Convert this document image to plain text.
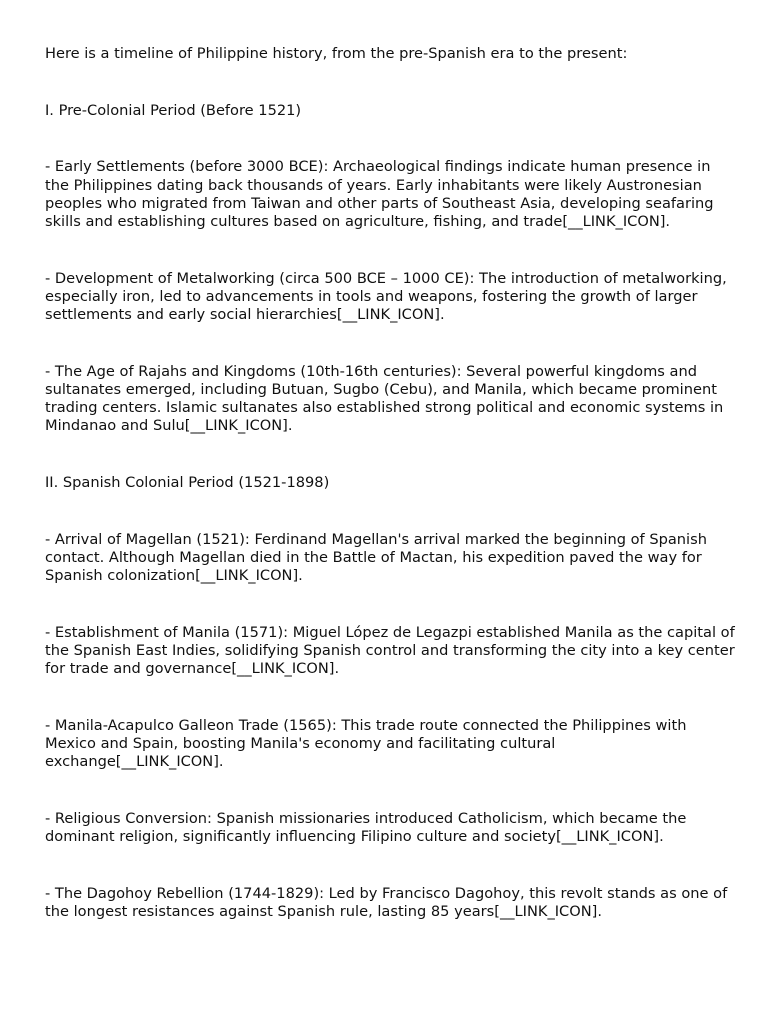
Here is a timeline of Philippine history, from the pre-Spanish era to the present:

I. Pre-Colonial Period (Before 1521)

- Early Settlements (before 3000 BCE): Archaeological findings indicate human presence in the Philippines dating back thousands of years. Early inhabitants were likely Austronesian peoples who migrated from Taiwan and other parts of Southeast Asia, developing seafaring skills and establishing cultures based on agriculture, fishing, and trade[__LINK_ICON].

- Development of Metalworking (circa 500 BCE – 1000 CE): The introduction of metalworking, especially iron, led to advancements in tools and weapons, fostering the growth of larger settlements and early social hierarchies[__LINK_ICON].

- The Age of Rajahs and Kingdoms (10th-16th centuries): Several powerful kingdoms and sultanates emerged, including Butuan, Sugbo (Cebu), and Manila, which became prominent trading centers. Islamic sultanates also established strong political and economic systems in Mindanao and Sulu[__LINK_ICON].

II. Spanish Colonial Period (1521-1898)

- Arrival of Magellan (1521): Ferdinand Magellan's arrival marked the beginning of Spanish contact. Although Magellan died in the Battle of Mactan, his expedition paved the way for Spanish colonization[__LINK_ICON].

- Establishment of Manila (1571): Miguel López de Legazpi established Manila as the capital of the Spanish East Indies, solidifying Spanish control and transforming the city into a key center for trade and governance[__LINK_ICON].

- Manila-Acapulco Galleon Trade (1565): This trade route connected the Philippines with Mexico and Spain, boosting Manila's economy and facilitating cultural exchange[__LINK_ICON].

- Religious Conversion: Spanish missionaries introduced Catholicism, which became the dominant religion, significantly influencing Filipino culture and society[__LINK_ICON].

- The Dagohoy Rebellion (1744-1829): Led by Francisco Dagohoy, this revolt stands as one of the longest resistances against Spanish rule, lasting 85 years[__LINK_ICON].
